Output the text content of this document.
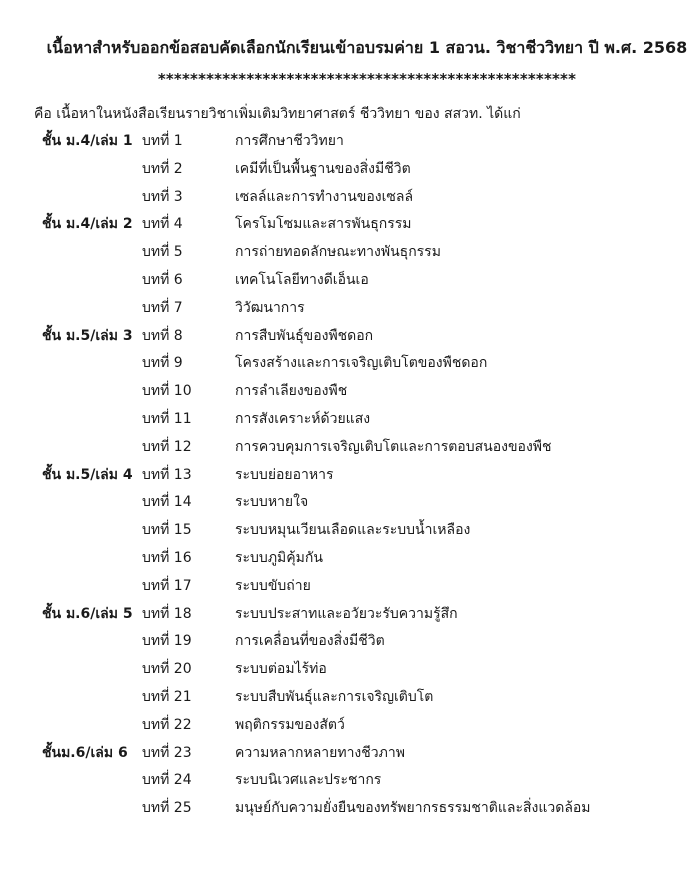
เนื้อหาสำหรับออกข้อสอบคัดเลือกนักเรียนเข้าอบรมค่าย 1 สอวน. วิชาชีววิทยา ปี พ.ศ. 2568
****************************************************
คือ เนื้อหาในหนังสือเรียนรายวิชาเพิ่มเติมวิทยาศาสตร์ ชีววิทยา ของ สสวท. ได้แก่
ชั้น ม.4/เล่ม 1 บทที่ 1	การศึกษาชีววิทยา
บทที่ 2	เคมีที่เป็นพื้นฐานของสิ่งมีชีวิต
บทที่ 3	เซลล์และการทำงานของเซลล์
ชั้น ม.4/เล่ม 2 บทที่ 4	โครโมโซมและสารพันธุกรรม
บทที่ 5	การถ่ายทอดลักษณะทางพันธุกรรม
บทที่ 6	เทคโนโลยีทางดีเอ็นเอ
บทที่ 7	วิวัฒนาการ
ชั้น ม.5/เล่ม 3 บทที่ 8	การสืบพันธุ์ของพืชดอก
บทที่ 9	โครงสร้างและการเจริญเติบโตของพืชดอก
บทที่ 10	การลำเลียงของพืช
บทที่ 11	การสังเคราะห์ด้วยแสง
บทที่ 12	การควบคุมการเจริญเติบโตและการตอบสนองของพืช
ชั้น ม.5/เล่ม 4 บทที่ 13	ระบบย่อยอาหาร
บทที่ 14	ระบบหายใจ
บทที่ 15	ระบบหมุนเวียนเลือดและระบบน้ำเหลือง
บทที่ 16	ระบบภูมิคุ้มกัน
บทที่ 17	ระบบขับถ่าย
ชั้น ม.6/เล่ม 5 บทที่ 18	ระบบประสาทและอวัยวะรับความรู้สึก
บทที่ 19	การเคลื่อนที่ของสิ่งมีชีวิต
บทที่ 20	ระบบต่อมไร้ท่อ
บทที่ 21	ระบบสืบพันธุ์และการเจริญเติบโต
บทที่ 22	พฤติกรรมของสัตว์
ชั้นม.6/เล่ม 6 บทที่ 23	ความหลากหลายทางชีวภาพ
บทที่ 24	ระบบนิเวศและประชากร
บทที่ 25	มนุษย์กับความยั่งยืนของทรัพยากรธรรมชาติและสิ่งแวดล้อม
